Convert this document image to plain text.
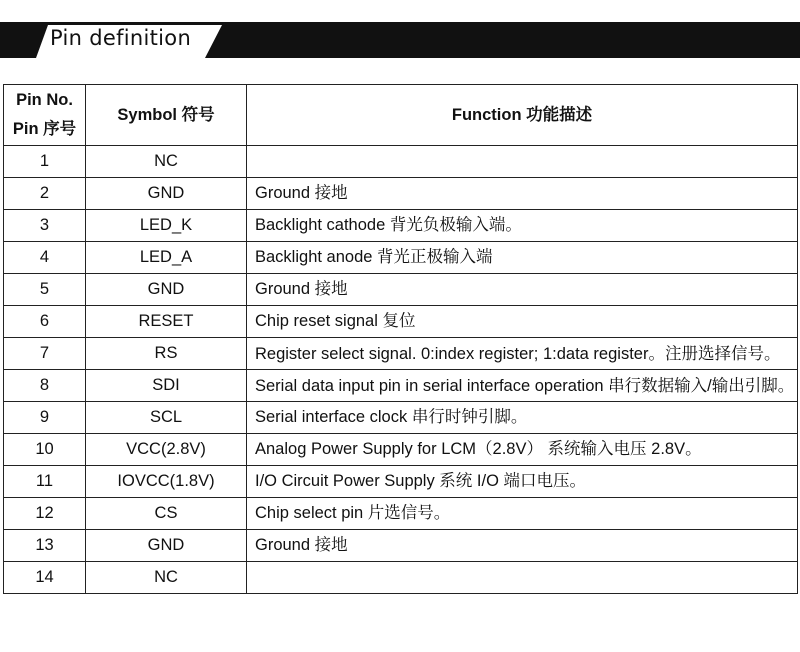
Pin definition
Pin No.
Pin 序号	Symbol 符号	Function 功能描述
1	NC	
2	GND	Ground 接地
3	LED_K	Backlight cathode 背光负极输入端。
4	LED_A	Backlight anode 背光正极输入端
5	GND	Ground 接地
6	RESET	Chip reset signal 复位
7	RS	Register select signal. 0:index register; 1:data register。注册选择信号。
8	SDI	Serial data input pin in serial interface operation 串行数据输入/输出引脚。
9	SCL	Serial interface clock 串行时钟引脚。
10	VCC(2.8V)	Analog Power Supply for LCM（2.8V） 系统输入电压 2.8V。
11	IOVCC(1.8V)	I/O Circuit Power Supply 系统 I/O 端口电压。
12	CS	Chip select pin 片选信号。
13	GND	Ground 接地
14	NC	
